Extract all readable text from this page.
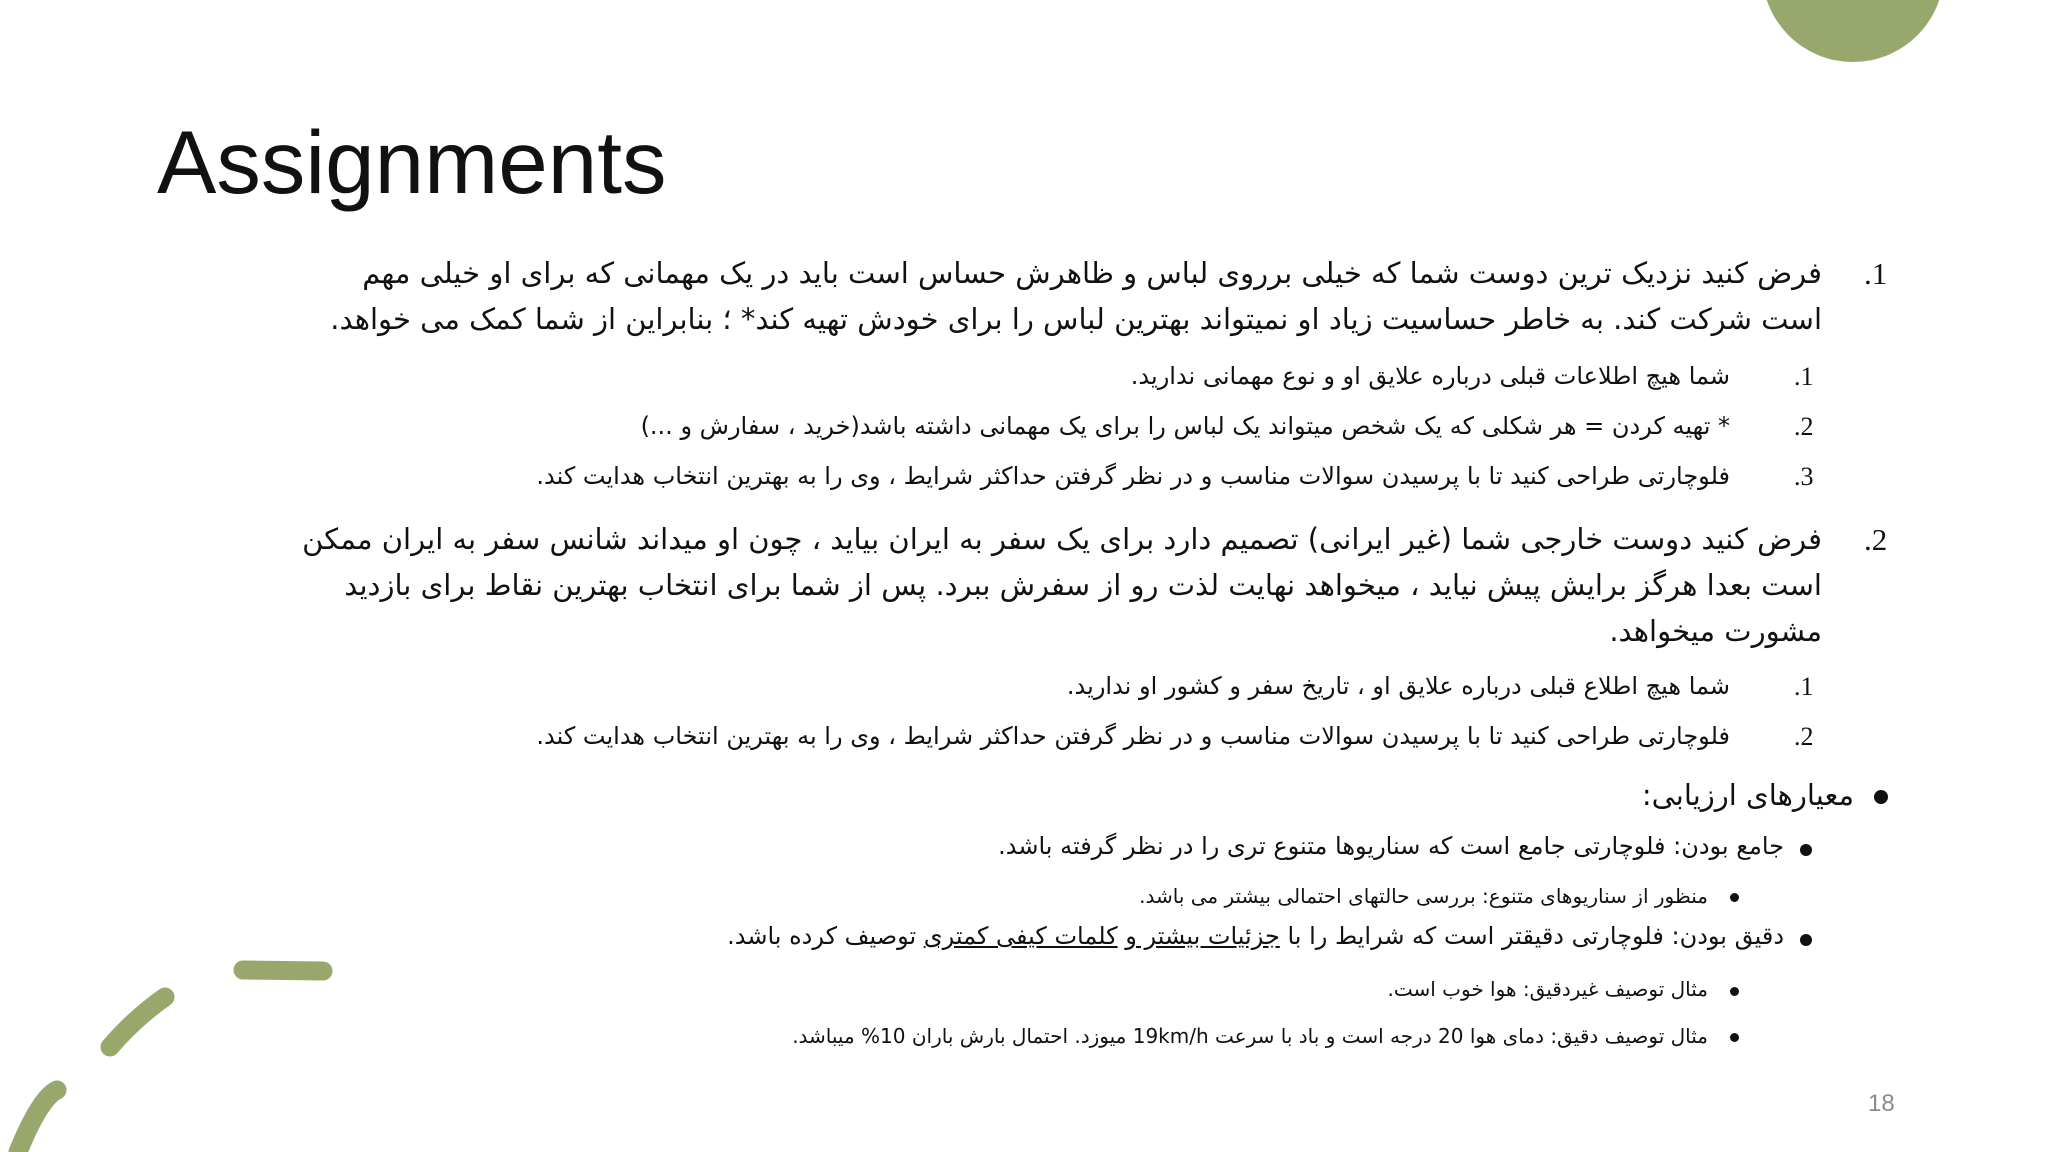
Assignments
.1
فرض کنید نزدیک ترین دوست شما که خیلی برروی لباس و ظاهرش حساس است باید در یک مهمانی که برای او خیلی مهم
است شرکت کند. به خاطر حساسیت زیاد او نمیتواند بهترین لباس را برای خودش تهیه کند* ؛ بنابراین از شما کمک می خواهد.
.1
شما هیچ اطلاعات قبلی درباره علایق او و نوع مهمانی ندارید.
.2
* تهیه کردن = هر شکلی که یک شخص میتواند یک لباس را برای یک مهمانی داشته باشد(خرید ، سفارش و ...)
.3
فلوچارتی طراحی کنید تا با پرسیدن سوالات مناسب و در نظر گرفتن حداکثر شرایط ، وی را به بهترین انتخاب هدایت کند.
.2
فرض کنید دوست خارجی شما (غیر ایرانی) تصمیم دارد برای یک سفر به ایران بیاید ، چون او میداند شانس سفر به ایران ممکن
است بعدا هرگز برایش پیش نیاید ، میخواهد نهایت لذت رو از سفرش ببرد. پس از شما برای انتخاب بهترین نقاط برای بازدید
مشورت میخواهد.
.1
شما هیچ اطلاع قبلی درباره علایق او ، تاریخ سفر و کشور او ندارید.
.2
فلوچارتی طراحی کنید تا با پرسیدن سوالات مناسب و در نظر گرفتن حداکثر شرایط ، وی را به بهترین انتخاب هدایت کند.
معیارهای ارزیابی:
جامع بودن: فلوچارتی جامع است که سناریوها متنوع تری را در نظر گرفته باشد.
منظور از سناریوهای متنوع: بررسی حالتهای احتمالی بیشتر می باشد.
دقیق بودن: فلوچارتی دقیقتر است که شرایط را با جزئیات بیشتر و کلمات کیفی کمتری توصیف کرده باشد.
مثال توصیف غیردقیق: هوا خوب است.
مثال توصیف دقیق: دمای هوا 20 درجه است و باد با سرعت 19km/h میوزد. احتمال بارش باران 10% میباشد.
18
